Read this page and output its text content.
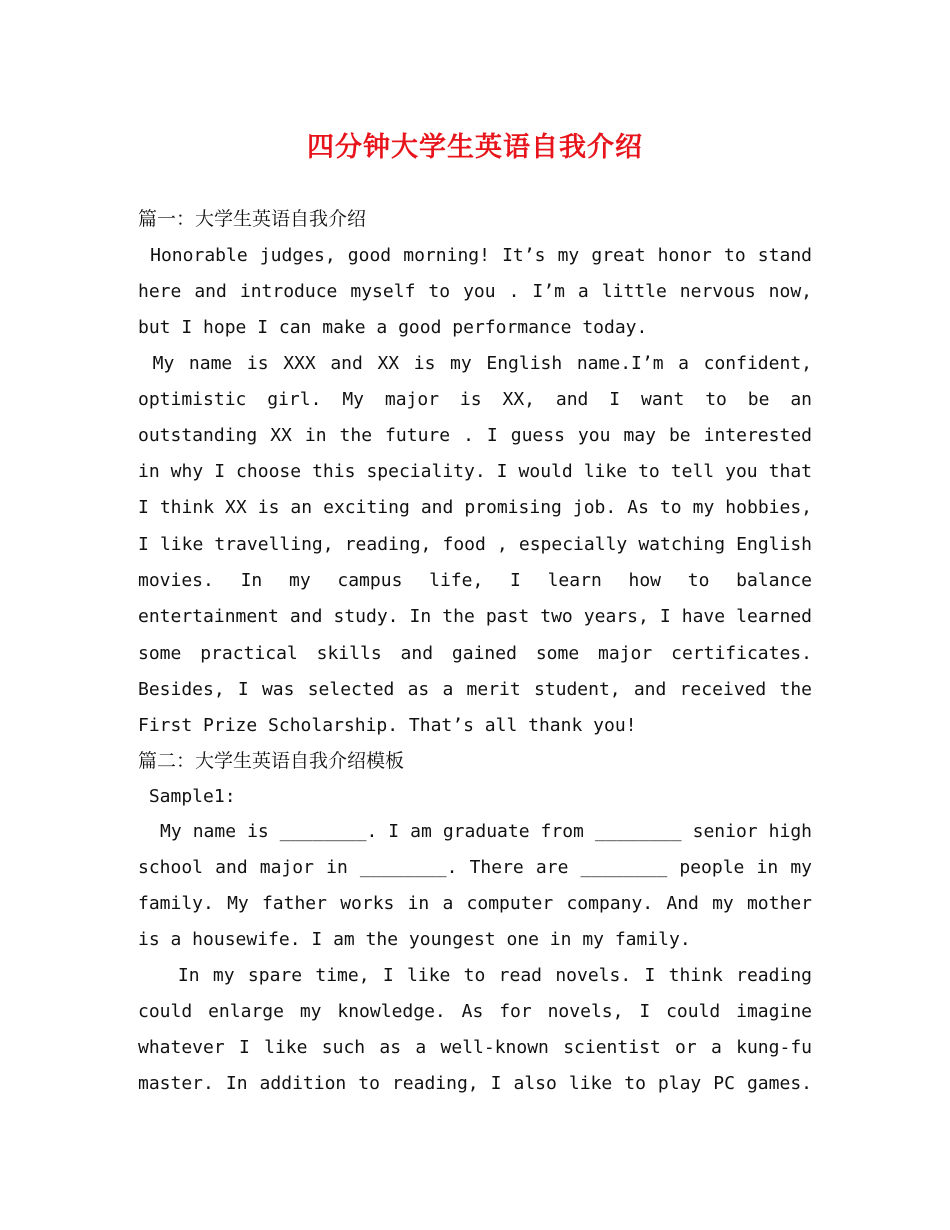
四分钟大学生英语自我介绍
篇一：大学生英语自我介绍
Honorable judges, good morning! It’s my great honor to stand
here and introduce myself to you . I’m a little nervous now,
but I hope I can make a good performance today.
My name is XXX and XX is my English name.I’m a confident,
optimistic girl. My major is XX, and I want to be an
outstanding XX in the future . I guess you may be interested
in why I choose this speciality. I would like to tell you that
I think XX is an exciting and promising job. As to my hobbies,
I like travelling, reading, food , especially watching English
movies. In my campus life, I learn how to balance
entertainment and study. In the past two years, I have learned
some practical skills and gained some major certificates.
Besides, I was selected as a merit student, and received the
First Prize Scholarship. That’s all thank you!
篇二：大学生英语自我介绍模板
Sample1:
My name is ________. I am graduate from ________ senior high
school and major in ________. There are ________ people in my
family. My father works in a computer company. And my mother
is a housewife. I am the youngest one in my family.
In my spare time, I like to read novels. I think reading
could enlarge my knowledge. As for novels, I could imagine
whatever I like such as a well-known scientist or a kung-fu
master. In addition to reading, I also like to play PC games.
